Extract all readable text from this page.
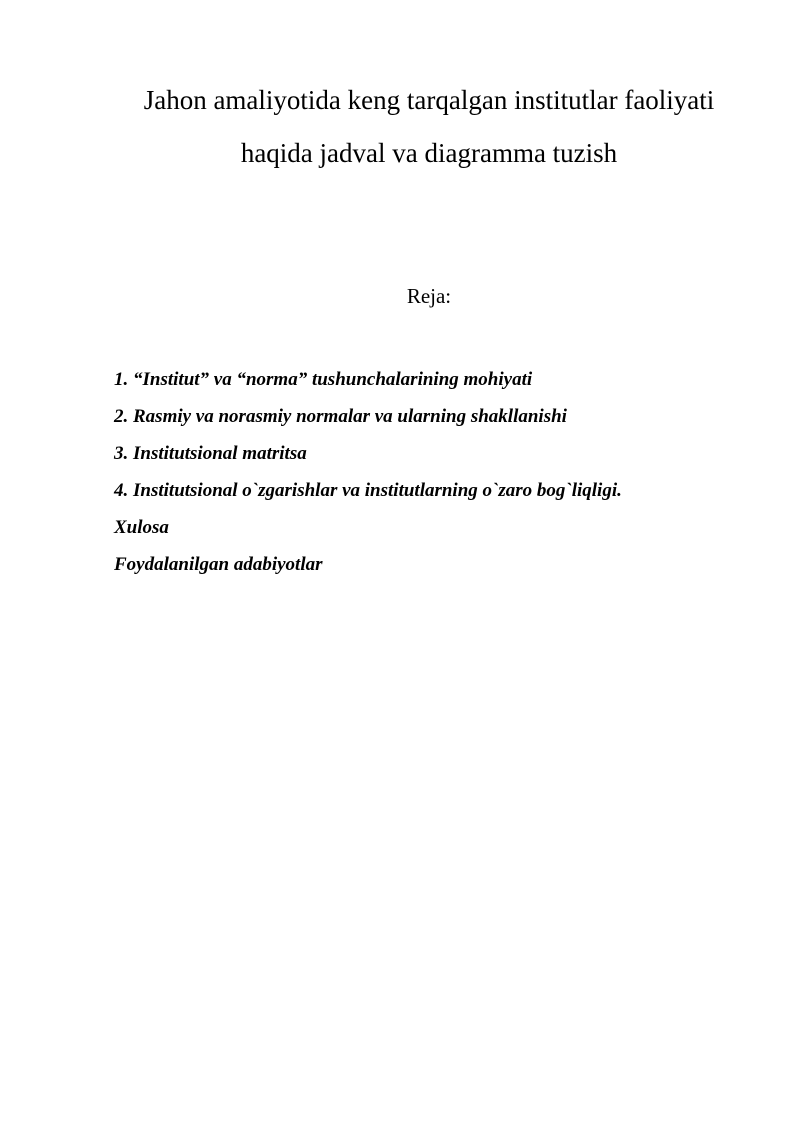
Jahon amaliyotida keng tarqalgan institutlar faoliyati
haqida jadval va diagramma tuzish
Reja:
1. “Institut” va “norma” tushunchalarining mohiyati
2. Rasmiy va norasmiy normalar va ularning shakllanishi
3. Institutsional matritsa
4. Institutsional o`zgarishlar va institutlarning o`zaro bog`liqligi.
Xulosa
Foydalanilgan adabiyotlar
